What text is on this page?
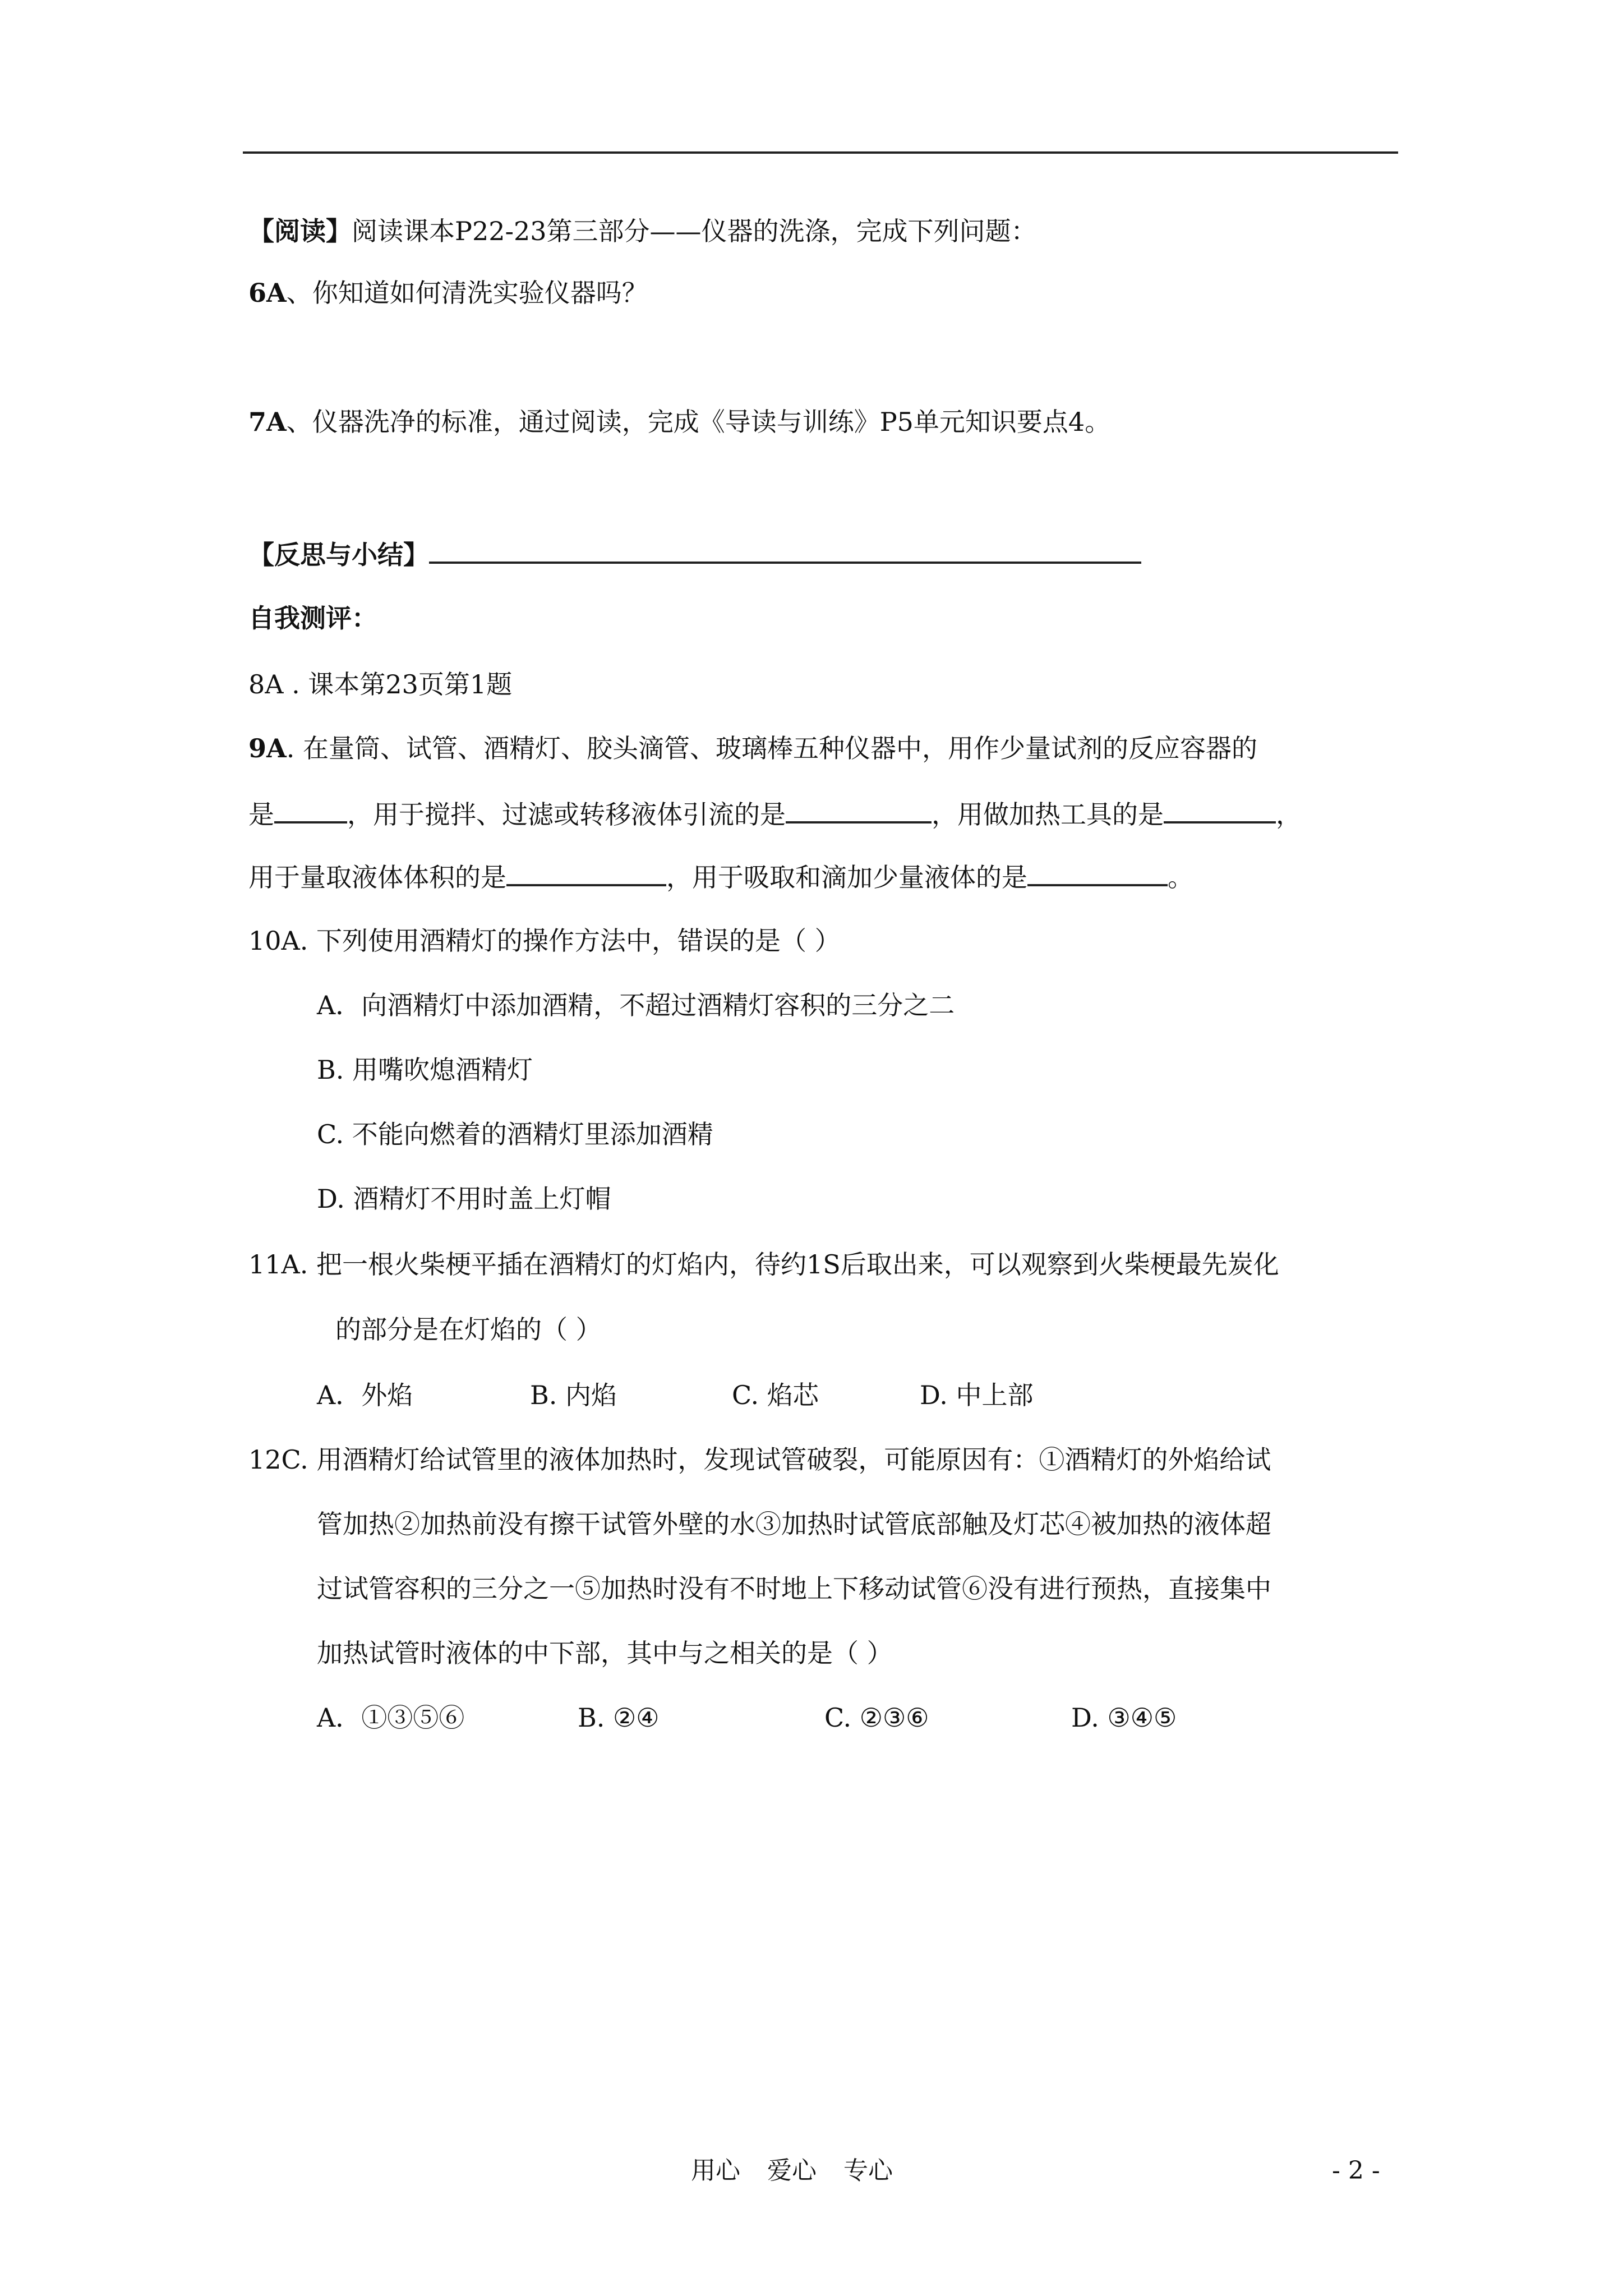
【阅读】阅读课本P22-23第三部分——仪器的洗涤，完成下列问题：
6A、你知道如何清洗实验仪器吗？
7A、仪器洗净的标准，通过阅读，完成《导读与训练》P5单元知识要点4。
【反思与小结】
自我测评：
8A . 课本第23页第1题
9A. 在量筒、试管、酒精灯、胶头滴管、玻璃棒五种仪器中，用作少量试剂的反应容器的
是	，用于搅拌、过滤或转移液体引流的是	，用做加热工具的是	，
用于量取液体体积的是	，用于吸取和滴加少量液体的是	。
10A. 下列使用酒精灯的操作方法中，错误的是（ ）
A．向酒精灯中添加酒精，不超过酒精灯容积的三分之二
B. 用嘴吹熄酒精灯
C. 不能向燃着的酒精灯里添加酒精
D. 酒精灯不用时盖上灯帽
11A. 把一根火柴梗平插在酒精灯的灯焰内，待约1S后取出来，可以观察到火柴梗最先炭化
的部分是在灯焰的（ ）
A．外焰	B. 内焰	C. 焰芯	D. 中上部
12C. 用酒精灯给试管里的液体加热时，发现试管破裂，可能原因有：①酒精灯的外焰给试
管加热②加热前没有擦干试管外壁的水③加热时试管底部触及灯芯④被加热的液体超
过试管容积的三分之一⑤加热时没有不时地上下移动试管⑥没有进行预热，直接集中
加热试管时液体的中下部，其中与之相关的是（ ）
A．①③⑤⑥	B. ②④	C. ②③⑥	D. ③④⑤
用心 爱心 专心	- 2 -
